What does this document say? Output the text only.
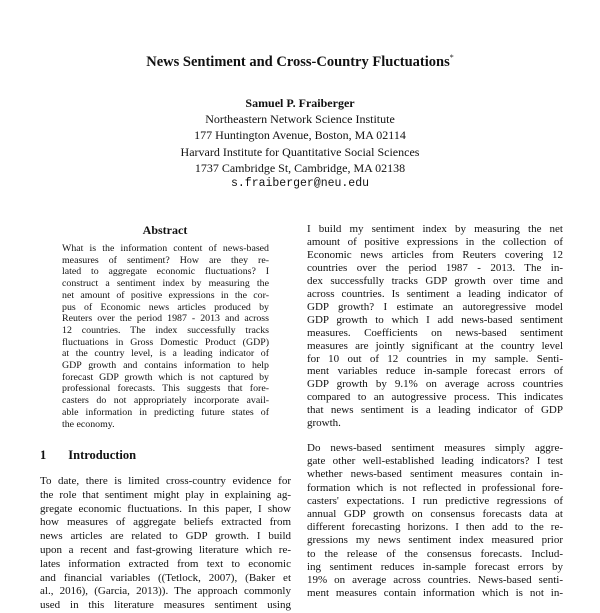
News Sentiment and Cross-Country Fluctuations*
Samuel P. Fraiberger
Northeastern Network Science Institute
177 Huntington Avenue, Boston, MA 02114
Harvard Institute for Quantitative Social Sciences
1737 Cambridge St, Cambridge, MA 02138
s.fraiberger@neu.edu
Abstract
What is the information content of news-based
measures of sentiment? How are they re-
lated to aggregate economic fluctuations? I
construct a sentiment index by measuring the
net amount of positive expressions in the cor-
pus of Economic news articles produced by
Reuters over the period 1987 - 2013 and across
12 countries. The index successfully tracks
fluctuations in Gross Domestic Product (GDP)
at the country level, is a leading indicator of
GDP growth and contains information to help
forecast GDP growth which is not captured by
professional forecasts. This suggests that fore-
casters do not appropriately incorporate avail-
able information in predicting future states of
the economy.
1 Introduction
To date, there is limited cross-country evidence for
the role that sentiment might play in explaining ag-
gregate economic fluctuations. In this paper, I show
how measures of aggregate beliefs extracted from
news articles are related to GDP growth. I build
upon a recent and fast-growing literature which re-
lates information extracted from text to economic
and financial variables ((Tetlock, 2007), (Baker et
al., 2016), (Garcia, 2013)). The approach commonly
used in this literature measures sentiment using
I build my sentiment index by measuring the net
amount of positive expressions in the collection of
Economic news articles from Reuters covering 12
countries over the period 1987 - 2013. The in-
dex successfully tracks GDP growth over time and
across countries. Is sentiment a leading indicator of
GDP growth? I estimate an autoregressive model
GDP growth to which I add news-based sentiment
measures. Coefficients on news-based sentiment
measures are jointly significant at the country level
for 10 out of 12 countries in my sample. Senti-
ment variables reduce in-sample forecast errors of
GDP growth by 9.1% on average across countries
compared to an autogressive process. This indicates
that news sentiment is a leading indicator of GDP
growth.
Do news-based sentiment measures simply aggre-
gate other well-established leading indicators? I test
whether news-based sentiment measures contain in-
formation which is not reflected in professional fore-
casters' expectations. I run predictive regressions of
annual GDP growth on consensus forecasts data at
different forecasting horizons. I then add to the re-
gressions my news sentiment index measured prior
to the release of the consensus forecasts. Includ-
ing sentiment reduces in-sample forecast errors by
19% on average across countries. News-based senti-
ment measures contain information which is not in-
